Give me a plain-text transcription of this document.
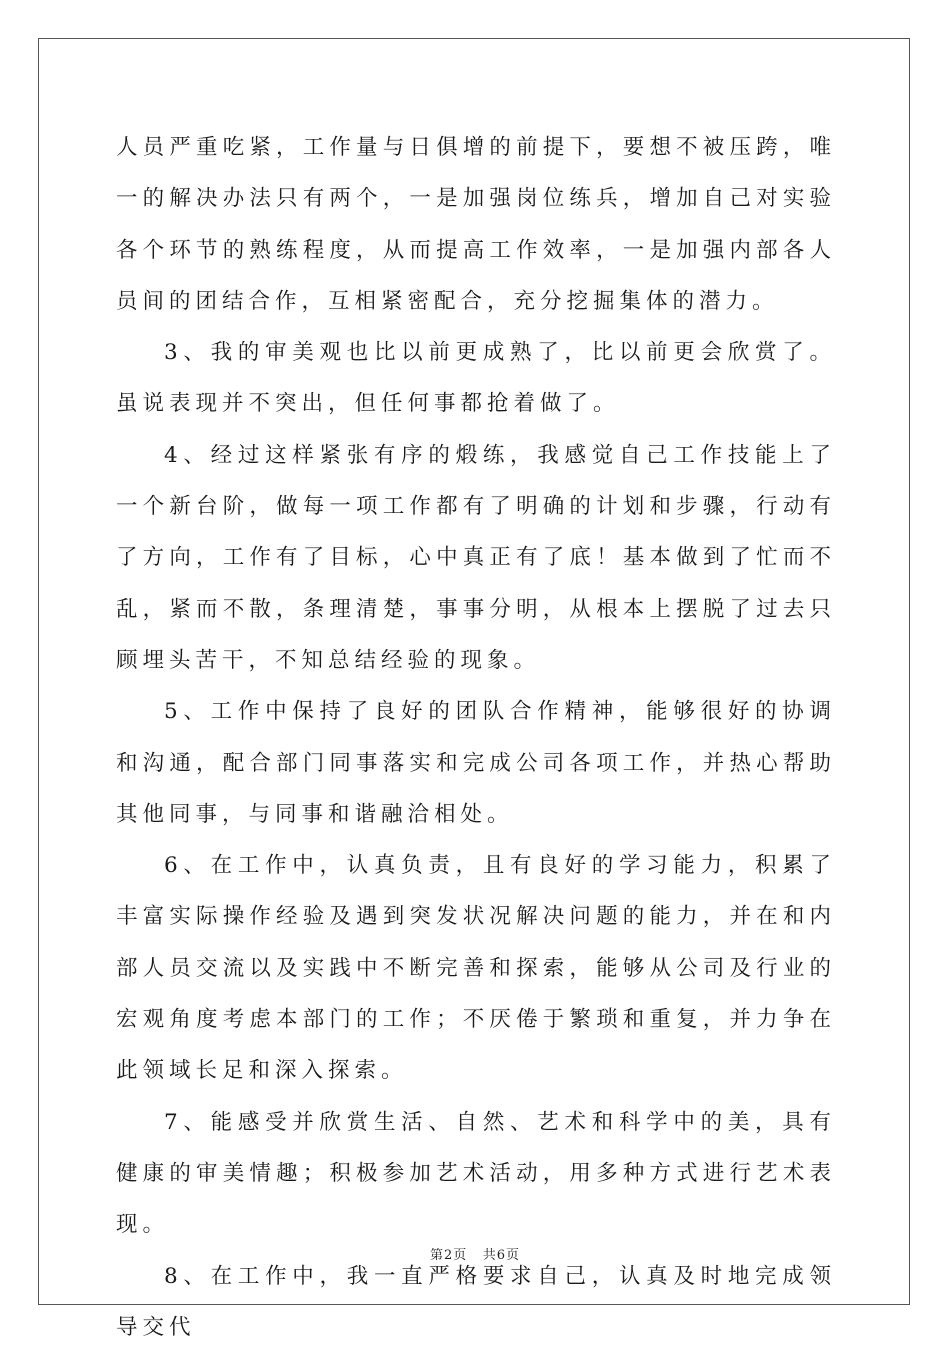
人员严重吃紧，工作量与日俱增的前提下，要想不被压跨，唯一的解决办法只有两个，一是加强岗位练兵，增加自己对实验各个环节的熟练程度，从而提高工作效率，一是加强内部各人员间的团结合作，互相紧密配合，充分挖掘集体的潜力。

3、我的审美观也比以前更成熟了，比以前更会欣赏了。虽说表现并不突出，但任何事都抢着做了。

4、经过这样紧张有序的煅练，我感觉自己工作技能上了一个新台阶，做每一项工作都有了明确的计划和步骤，行动有了方向，工作有了目标，心中真正有了底！基本做到了忙而不乱，紧而不散，条理清楚，事事分明，从根本上摆脱了过去只顾埋头苦干，不知总结经验的现象。

5、工作中保持了良好的团队合作精神，能够很好的协调和沟通，配合部门同事落实和完成公司各项工作，并热心帮助其他同事，与同事和谐融洽相处。

6、在工作中，认真负责，且有良好的学习能力，积累了丰富实际操作经验及遇到突发状况解决问题的能力，并在和内部人员交流以及实践中不断完善和探索，能够从公司及行业的宏观角度考虑本部门的工作；不厌倦于繁琐和重复，并力争在此领域长足和深入探索。

7、能感受并欣赏生活、自然、艺术和科学中的美，具有健康的审美情趣；积极参加艺术活动，用多种方式进行艺术表现。

8、在工作中，我一直严格要求自己，认真及时地完成领导交代

第2页 共6页
